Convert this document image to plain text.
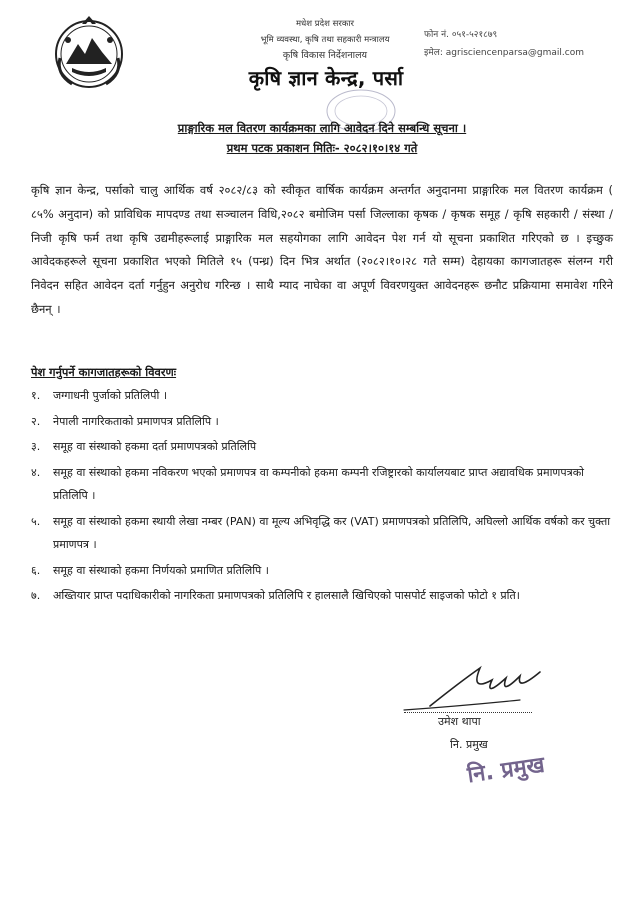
मधेश प्रदेश सरकार
भूमि व्यवस्था, कृषि तथा सहकारी मन्त्रालय
कृषि विकास निर्देशनालय
कृषि ज्ञान केन्द्र, पर्सा
फोन नं. ०५१-५२१८७९
इमेल: agrisciencenparsa@gmail.com
प्राङ्गारिक मल वितरण कार्यक्रमका लागि आवेदन दिने सम्बन्धि सूचना ।
प्रथम पटक प्रकाशन मितिः- २०८२।१०।१४ गते
कृषि ज्ञान केन्द्र, पर्साको चालु आर्थिक वर्ष २०८२/८३ को स्वीकृत वार्षिक कार्यक्रम अन्तर्गत अनुदानमा प्राङ्गारिक मल वितरण कार्यक्रम ( ८५% अनुदान) को प्राविधिक मापदण्ड तथा सञ्चालन विधि,२०८२ बमोजिम पर्सा जिल्लाका कृषक / कृषक समूह / कृषि सहकारी / संस्था / निजी कृषि फर्म तथा कृषि उद्यमीहरूलाई प्राङ्गारिक मल सहयोगका लागि आवेदन पेश गर्न यो सूचना प्रकाशित गरिएको छ । इच्छुक आवेदकहरूले सूचना प्रकाशित भएको मितिले १५ (पन्ध्र) दिन भित्र अर्थात (२०८२।१०।२८ गते सम्म) देहायका कागजातहरू संलग्न गरी निवेदन सहित आवेदन दर्ता गर्नुहुन अनुरोध गरिन्छ । साथै म्याद नाघेका वा अपूर्ण विवरणयुक्त आवेदनहरू छनौट प्रक्रियामा समावेश गरिने छैनन् ।
पेश गर्नुपर्ने कागजातहरूको विवरणः
१.	जग्गाधनी पुर्जाको प्रतिलिपी ।
२.	नेपाली नागरिकताको प्रमाणपत्र प्रतिलिपि ।
३.	समूह वा संस्थाको हकमा दर्ता प्रमाणपत्रको प्रतिलिपि
४.	समूह वा संस्थाको हकमा नविकरण भएको प्रमाणपत्र वा कम्पनीको हकमा कम्पनी रजिष्ट्रारको कार्यालयबाट प्राप्त अद्यावधिक प्रमाणपत्रको प्रतिलिपि ।
५.	समूह वा संस्थाको हकमा स्थायी लेखा नम्बर (PAN) वा मूल्य अभिवृद्धि कर (VAT) प्रमाणपत्रको प्रतिलिपि, अघिल्लो आर्थिक वर्षको कर चुक्ता प्रमाणपत्र ।
६.	समूह वा संस्थाको हकमा निर्णयको प्रमाणित प्रतिलिपि ।
७.	अख्तियार प्राप्त पदाधिकारीको नागरिकता प्रमाणपत्रको प्रतिलिपि र हालसालै खिचिएको पासपोर्ट साइजको फोटो १ प्रति।
उमेश थापा
नि. प्रमुख
नि. प्रमुख
